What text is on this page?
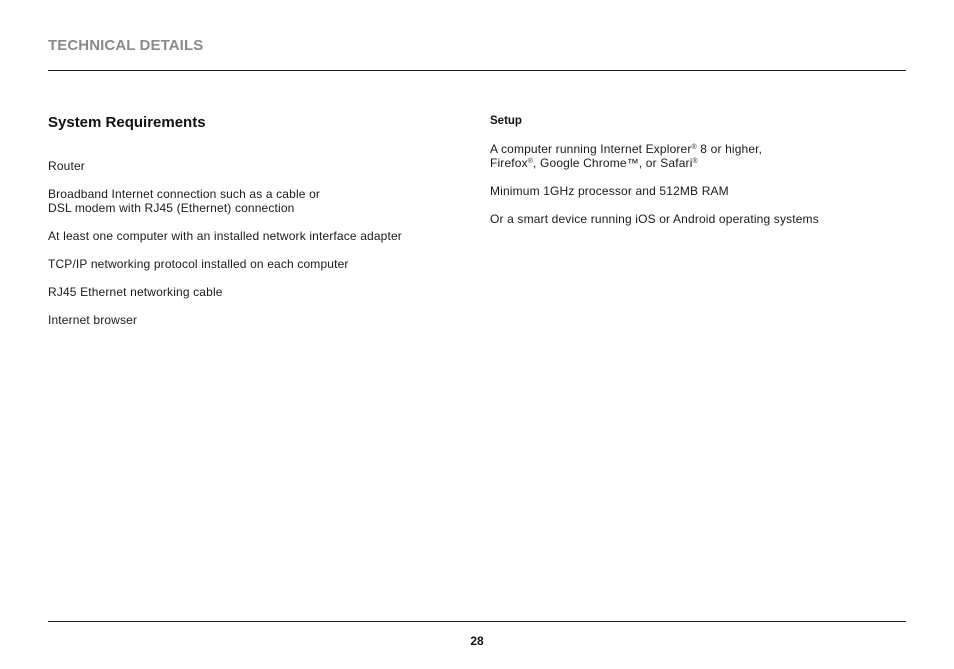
TECHNICAL DETAILS
System Requirements
Router
Broadband Internet connection such as a cable or
DSL modem with RJ45 (Ethernet) connection
At least one computer with an installed network interface adapter
TCP/IP networking protocol installed on each computer
RJ45 Ethernet networking cable
Internet browser
Setup
A computer running Internet Explorer® 8 or higher,
Firefox®, Google Chrome™, or Safari®
Minimum 1GHz processor and 512MB RAM
Or a smart device running iOS or Android operating systems
28
